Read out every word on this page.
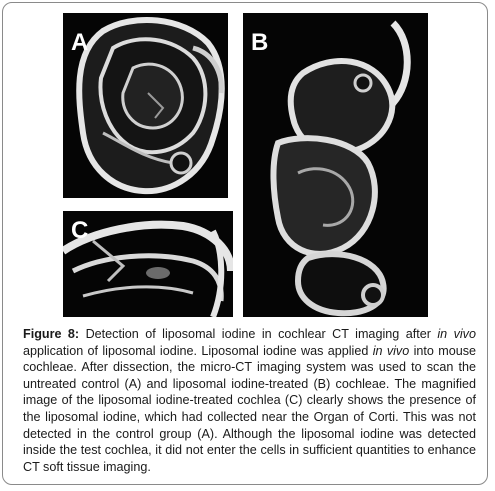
A
C
B
Figure 8: Detection of liposomal iodine in cochlear CT imaging after in vivo application of liposomal iodine. Liposomal iodine was applied in vivo into mouse cochleae. After dissection, the micro-CT imaging system was used to scan the untreated control (A) and liposomal iodine-treated (B) cochleae. The magnified image of the liposomal iodine-treated cochlea (C) clearly shows the presence of the liposomal iodine, which had collected near the Organ of Corti. This was not detected in the control group (A). Although the liposomal iodine was detected inside the test cochlea, it did not enter the cells in sufficient quantities to enhance CT soft tissue imaging.
